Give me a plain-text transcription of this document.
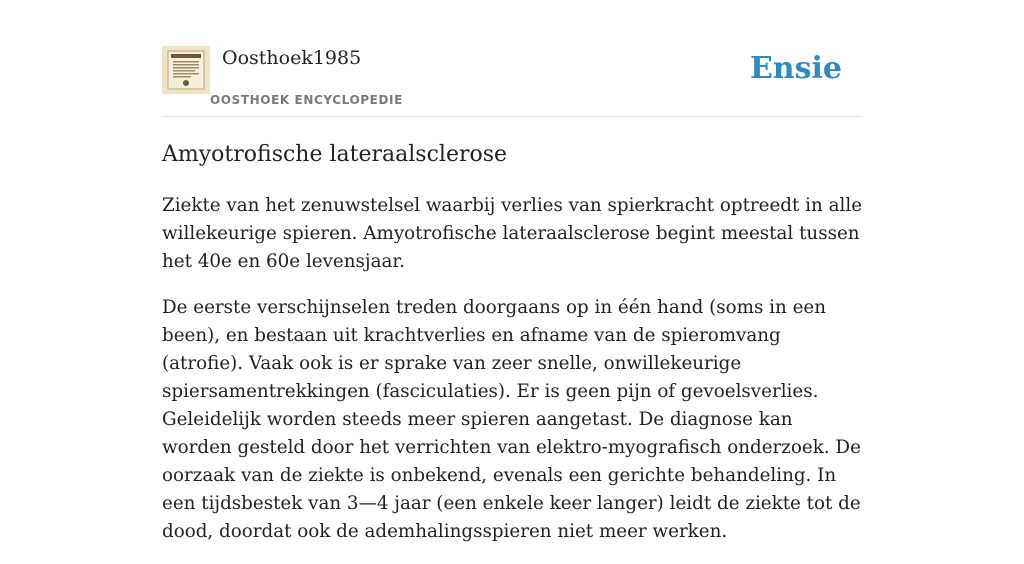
Oosthoek1985
OOSTHOEK ENCYCLOPEDIE
Ensie
Amyotrofische lateraalsclerose

Ziekte van het zenuwstelsel waarbij verlies van spierkracht optreedt in alle willekeurige spieren. Amyotrofische lateraalsclerose begint meestal tussen het 40e en 60e levensjaar.

De eerste verschijnselen treden doorgaans op in één hand (soms in een been), en bestaan uit krachtverlies en afname van de spieromvang (atrofie). Vaak ook is er sprake van zeer snelle, onwillekeurige spiersamentrekkingen (fasciculaties). Er is geen pijn of gevoelsverlies. Geleidelijk worden steeds meer spieren aangetast. De diagnose kan worden gesteld door het verrichten van elektro-myografisch onderzoek. De oorzaak van de ziekte is onbekend, evenals een gerichte behandeling. In een tijdsbestek van 3—4 jaar (een enkele keer langer) leidt de ziekte tot de dood, doordat ook de ademhalingsspieren niet meer werken.
